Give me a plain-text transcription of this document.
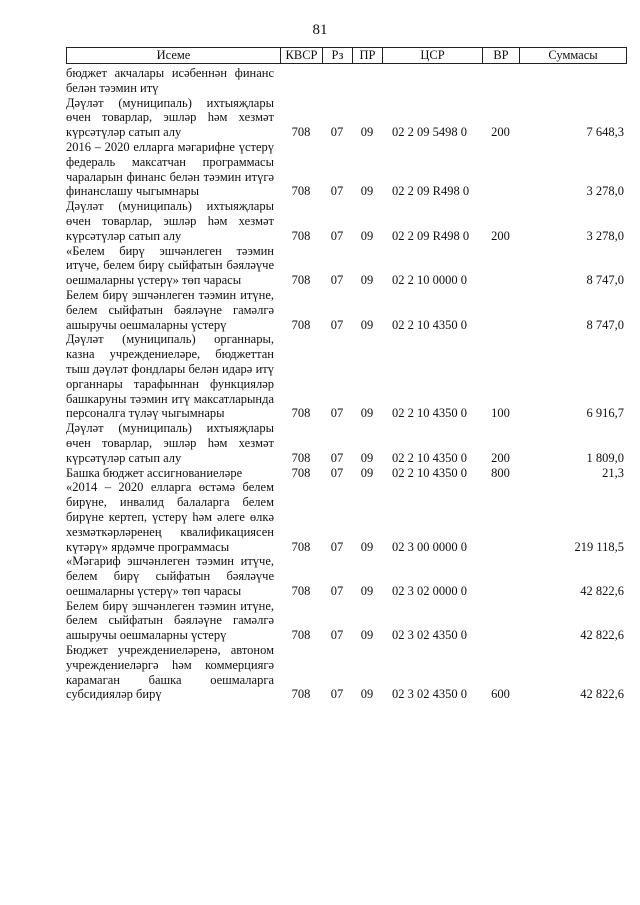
81
Исеме	КВСР	Рз	ПР	ЦСР	ВР	Суммасы
бюджет акчалары исәбеннән финанс белән тәэмин итү						
Дәүләт (муниципаль) ихтыяҗлары өчен товарлар, эшләр һәм хезмәт күрсәтүләр сатып алу	708	07	09	02 2 09 5498 0	200	7 648,3
2016 – 2020 елларга мәгарифне үстерү федераль максатчан программасы чараларын финанс белән тәэмин итүгә финанслашу чыгымнары	708	07	09	02 2 09 R498 0		3 278,0
Дәүләт (муниципаль) ихтыяҗлары өчен товарлар, эшләр һәм хезмәт күрсәтүләр сатып алу	708	07	09	02 2 09 R498 0	200	3 278,0
«Белем бирү эшчәнлеген тәэмин итүче, белем бирү сыйфатын бәяләүче оешмаларны үстерү» төп чарасы	708	07	09	02 2 10 0000 0		8 747,0
Белем бирү эшчәнлеген тәэмин итүне, белем сыйфатын бәяләүне гамәлгә ашыручы оешмаларны үстерү	708	07	09	02 2 10 4350 0		8 747,0
Дәүләт (муниципаль) органнары, казна учреждениеләре, бюджеттан тыш дәүләт фондлары белән идарә итү органнары тарафыннан функцияләр башкаруны тәэмин итү максатларында персоналга түләү чыгымнары	708	07	09	02 2 10 4350 0	100	6 916,7
Дәүләт (муниципаль) ихтыяҗлары өчен товарлар, эшләр һәм хезмәт күрсәтүләр сатып алу	708	07	09	02 2 10 4350 0	200	1 809,0
Башка бюджет ассигнованиеләре	708	07	09	02 2 10 4350 0	800	21,3
«2014 – 2020 елларга өстәмә белем бирүне, инвалид балаларга белем бирүне кертеп, үстерү һәм әлеге өлкә хезмәткәрләренең квалификациясен күтәрү» ярдәмче программасы	708	07	09	02 3 00 0000 0		219 118,5
«Мәгариф эшчәнлеген тәэмин итүче, белем бирү сыйфатын бәяләүче оешмаларны үстерү» төп чарасы	708	07	09	02 3 02 0000 0		42 822,6
Белем бирү эшчәнлеген тәэмин итүне, белем сыйфатын бәяләүне гамәлгә ашыручы оешмаларны үстерү	708	07	09	02 3 02 4350 0		42 822,6
Бюджет учреждениеләренә, автоном учреждениеләргә һәм коммерциягә карамаган башка оешмаларга субсидияләр бирү	708	07	09	02 3 02 4350 0	600	42 822,6
